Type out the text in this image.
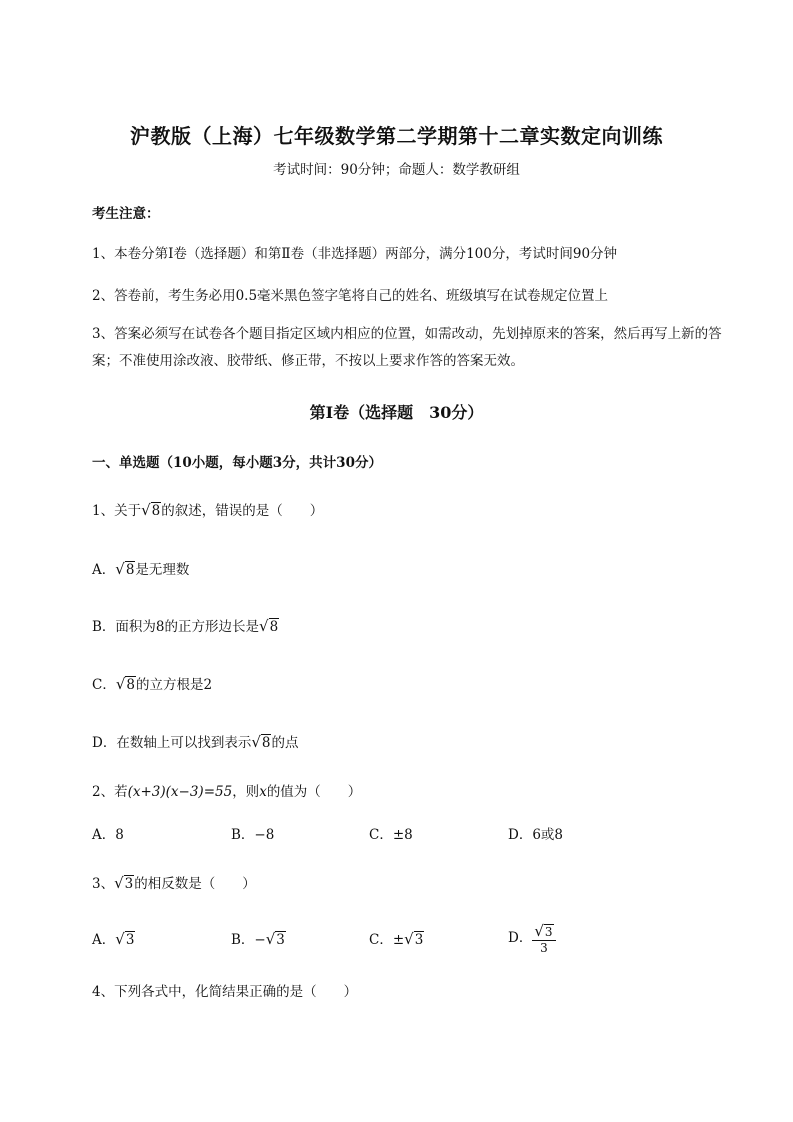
沪教版（上海）七年级数学第二学期第十二章实数定向训练
考试时间：90分钟；命题人：数学教研组
考生注意：
1、本卷分第Ⅰ卷（选择题）和第Ⅱ卷（非选择题）两部分，满分100分，考试时间90分钟
2、答卷前，考生务必用0.5毫米黑色签字笔将自己的姓名、班级填写在试卷规定位置上
3、答案必须写在试卷各个题目指定区域内相应的位置，如需改动，先划掉原来的答案，然后再写上新的答案；不准使用涂改液、胶带纸、修正带，不按以上要求作答的答案无效。
第Ⅰ卷（选择题　30分）
一、单选题（10小题，每小题3分，共计30分）
1、关于√8的叙述，错误的是（　　）
A．√8是无理数
B．面积为8的正方形边长是√8
C．√8的立方根是2
D．在数轴上可以找到表示√8的点
2、若(x+3)(x−3)=55，则x的值为（　　）
A．8	B．−8	C．±8	D．6或8
3、√3的相反数是（　　）
A．√3	B．−√3	C．±√3	D． $\frac{√3}{3}$
4、下列各式中，化简结果正确的是（　　）
